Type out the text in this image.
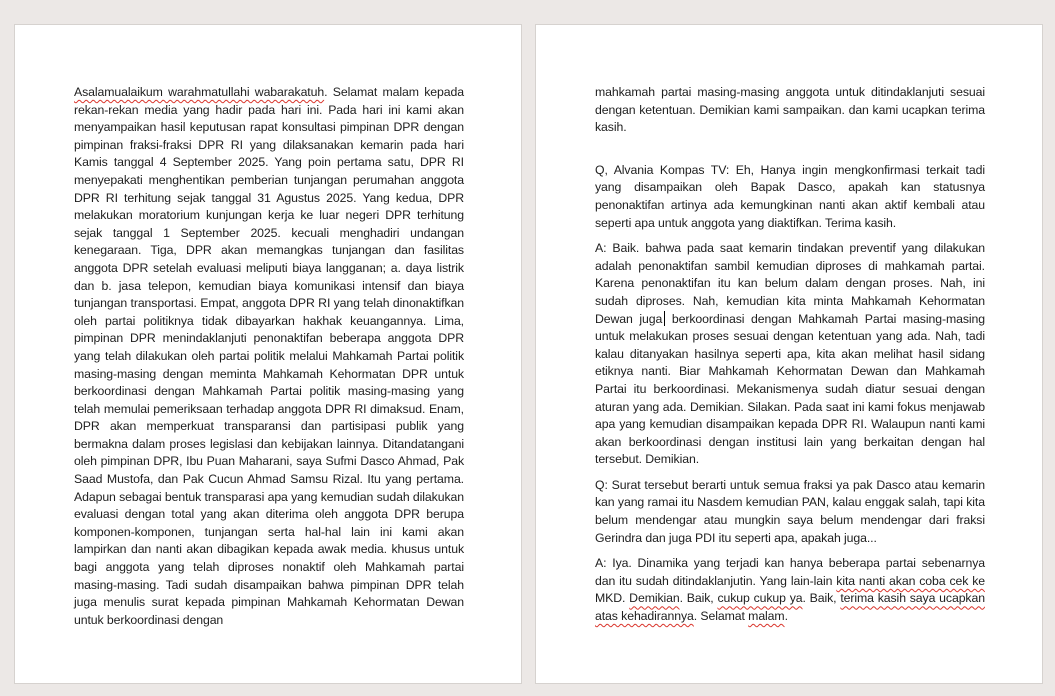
Asalamualaikum warahmatullahi wabarakatuh. Selamat malam kepada rekan-rekan media yang hadir pada hari ini. Pada hari ini kami akan menyampaikan hasil keputusan rapat konsultasi pimpinan DPR dengan pimpinan fraksi-fraksi DPR RI yang dilaksanakan kemarin pada hari Kamis tanggal 4 September 2025. Yang poin pertama satu, DPR RI menyepakati menghentikan pemberian tunjangan perumahan anggota DPR RI terhitung sejak tanggal 31 Agustus 2025. Yang kedua, DPR melakukan moratorium kunjungan kerja ke luar negeri DPR terhitung sejak tanggal 1 September 2025. kecuali menghadiri undangan kenegaraan. Tiga, DPR akan memangkas tunjangan dan fasilitas anggota DPR setelah evaluasi meliputi biaya langganan; a. daya listrik dan b. jasa telepon, kemudian biaya komunikasi intensif dan biaya tunjangan transportasi. Empat, anggota DPR RI yang telah dinonaktifkan oleh partai politiknya tidak dibayarkan hakhak keuangannya. Lima, pimpinan DPR menindaklanjuti penonaktifan beberapa anggota DPR yang telah dilakukan oleh partai politik melalui Mahkamah Partai politik masing-masing dengan meminta Mahkamah Kehormatan DPR untuk berkoordinasi dengan Mahkamah Partai politik masing-masing yang telah memulai pemeriksaan terhadap anggota DPR RI dimaksud. Enam, DPR akan memperkuat transparansi dan partisipasi publik yang bermakna dalam proses legislasi dan kebijakan lainnya. Ditandatangani oleh pimpinan DPR, Ibu Puan Maharani, saya Sufmi Dasco Ahmad, Pak Saad Mustofa, dan Pak Cucun Ahmad Samsu Rizal. Itu yang pertama. Adapun sebagai bentuk transparasi apa yang kemudian sudah dilakukan evaluasi dengan total yang akan diterima oleh anggota DPR berupa komponen-komponen, tunjangan serta hal-hal lain ini kami akan lampirkan dan nanti akan dibagikan kepada awak media. khusus untuk bagi anggota yang telah diproses nonaktif oleh Mahkamah partai masing-masing. Tadi sudah disampaikan bahwa pimpinan DPR telah juga menulis surat kepada pimpinan Mahkamah Kehormatan Dewan untuk berkoordinasi dengan

mahkamah partai masing-masing anggota untuk ditindaklanjuti sesuai dengan ketentuan. Demikian kami sampaikan. dan kami ucapkan terima kasih.

Q, Alvania Kompas TV: Eh, Hanya ingin mengkonfirmasi terkait tadi yang disampaikan oleh Bapak Dasco, apakah kan statusnya penonaktifan artinya ada kemungkinan nanti akan aktif kembali atau seperti apa untuk anggota yang diaktifkan. Terima kasih.

A: Baik. bahwa pada saat kemarin tindakan preventif yang dilakukan adalah penonaktifan sambil kemudian diproses di mahkamah partai. Karena penonaktifan itu kan belum dalam dengan proses. Nah, ini sudah diproses. Nah, kemudian kita minta Mahkamah Kehormatan Dewan juga berkoordinasi dengan Mahkamah Partai masing-masing untuk melakukan proses sesuai dengan ketentuan yang ada. Nah, tadi kalau ditanyakan hasilnya seperti apa, kita akan melihat hasil sidang etiknya nanti. Biar Mahkamah Kehormatan Dewan dan Mahkamah Partai itu berkoordinasi. Mekanismenya sudah diatur sesuai dengan aturan yang ada. Demikian. Silakan. Pada saat ini kami fokus menjawab apa yang kemudian disampaikan kepada DPR RI. Walaupun nanti kami akan berkoordinasi dengan institusi lain yang berkaitan dengan hal tersebut. Demikian.

Q: Surat tersebut berarti untuk semua fraksi ya pak Dasco atau kemarin kan yang ramai itu Nasdem kemudian PAN, kalau enggak salah, tapi kita belum mendengar atau mungkin saya belum mendengar dari fraksi Gerindra dan juga PDI itu seperti apa, apakah juga...

A: Iya. Dinamika yang terjadi kan hanya beberapa partai sebenarnya dan itu sudah ditindaklanjutin. Yang lain-lain kita nanti akan coba cek ke MKD. Demikian. Baik, cukup cukup ya. Baik, terima kasih saya ucapkan atas kehadirannya. Selamat malam.
